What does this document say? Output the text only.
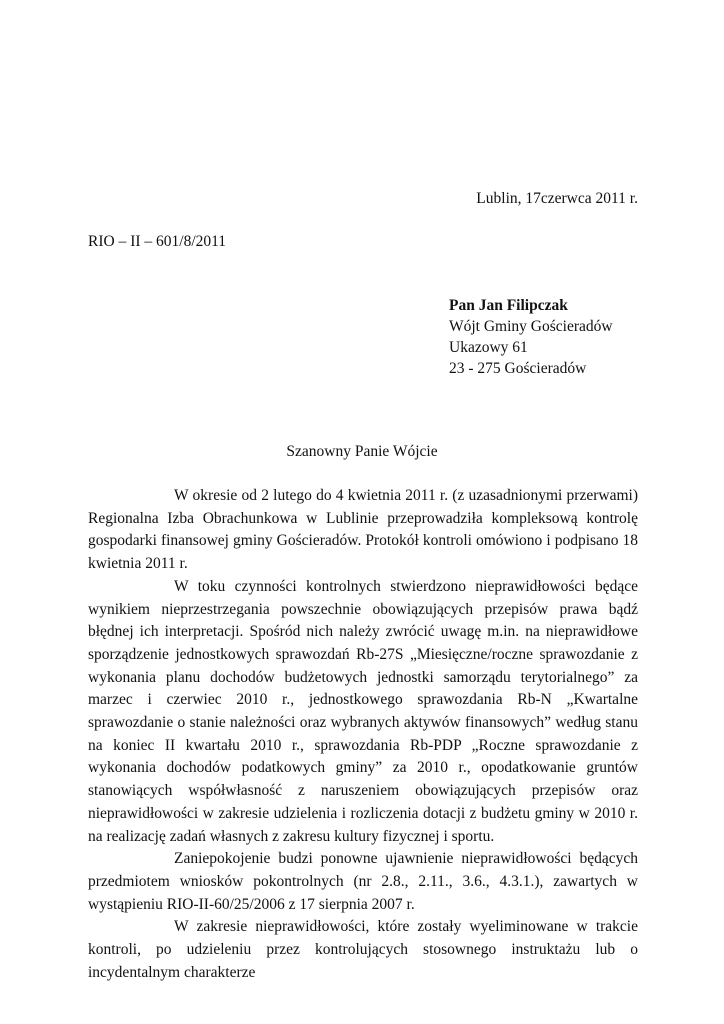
Lublin, 17czerwca 2011 r.
RIO – II – 601/8/2011
Pan Jan Filipczak
Wójt Gminy Gościeradów
Ukazowy 61
23 - 275 Gościeradów
Szanowny Panie Wójcie

W okresie od 2 lutego do 4 kwietnia 2011 r. (z uzasadnionymi przerwami) Regionalna Izba Obrachunkowa w Lublinie przeprowadziła kompleksową kontrolę gospodarki finansowej gminy Gościeradów. Protokół kontroli omówiono i podpisano 18 kwietnia 2011 r.

W toku czynności kontrolnych stwierdzono nieprawidłowości będące wynikiem nieprzestrzegania powszechnie obowiązujących przepisów prawa bądź błędnej ich interpretacji. Spośród nich należy zwrócić uwagę m.in. na nieprawidłowe sporządzenie jednostkowych sprawozdań Rb-27S „Miesięczne/roczne sprawozdanie z wykonania planu dochodów budżetowych jednostki samorządu terytorialnego” za marzec i czerwiec 2010 r., jednostkowego sprawozdania Rb-N „Kwartalne sprawozdanie o stanie należności oraz wybranych aktywów finansowych” według stanu na koniec II kwartału 2010 r., sprawozdania Rb-PDP „Roczne sprawozdanie z wykonania dochodów podatkowych gminy” za 2010 r., opodatkowanie gruntów stanowiących współwłasność z naruszeniem obowiązujących przepisów oraz nieprawidłowości w zakresie udzielenia i rozliczenia dotacji z budżetu gminy w 2010 r. na realizację zadań własnych z zakresu kultury fizycznej i sportu.

Zaniepokojenie budzi ponowne ujawnienie nieprawidłowości będących przedmiotem wniosków pokontrolnych (nr 2.8., 2.11., 3.6., 4.3.1.), zawartych w wystąpieniu RIO-II-60/25/2006 z 17 sierpnia 2007 r.

W zakresie nieprawidłowości, które zostały wyeliminowane w trakcie kontroli, po udzieleniu przez kontrolujących stosownego instruktażu lub o incydentalnym charakterze
